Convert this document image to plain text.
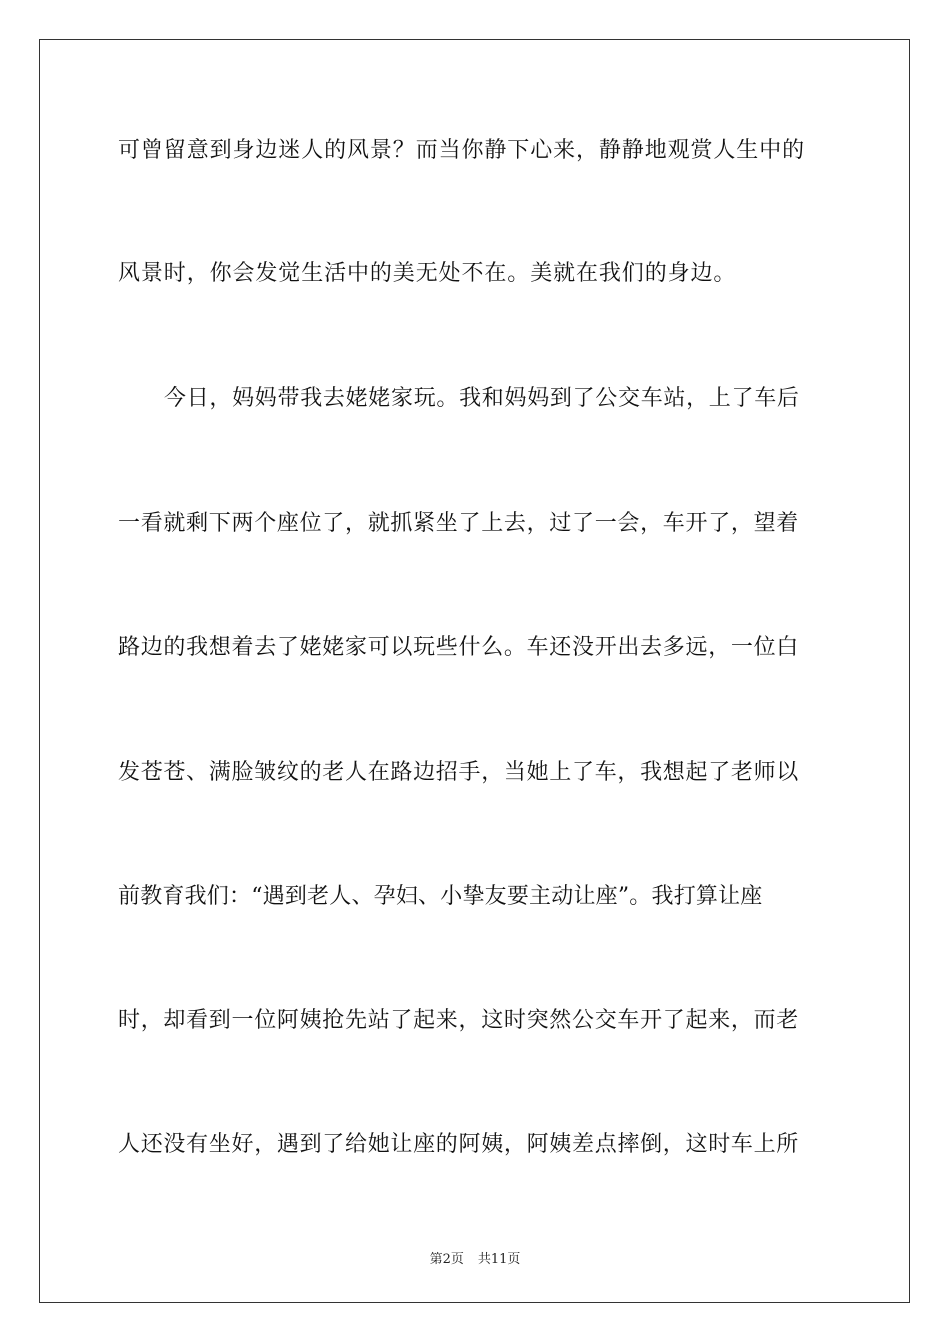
可曾留意到身边迷人的风景？而当你静下心来，静静地观赏人生中的
风景时，你会发觉生活中的美无处不在。美就在我们的身边。
今日，妈妈带我去姥姥家玩。我和妈妈到了公交车站，上了车后
一看就剩下两个座位了，就抓紧坐了上去，过了一会，车开了，望着
路边的我想着去了姥姥家可以玩些什么。车还没开出去多远，一位白
发苍苍、满脸皱纹的老人在路边招手，当她上了车，我想起了老师以
前教育我们：“遇到老人、孕妇、小挚友要主动让座”。我打算让座
时，却看到一位阿姨抢先站了起来，这时突然公交车开了起来，而老
人还没有坐好，遇到了给她让座的阿姨，阿姨差点摔倒，这时车上所
第2页 共11页
